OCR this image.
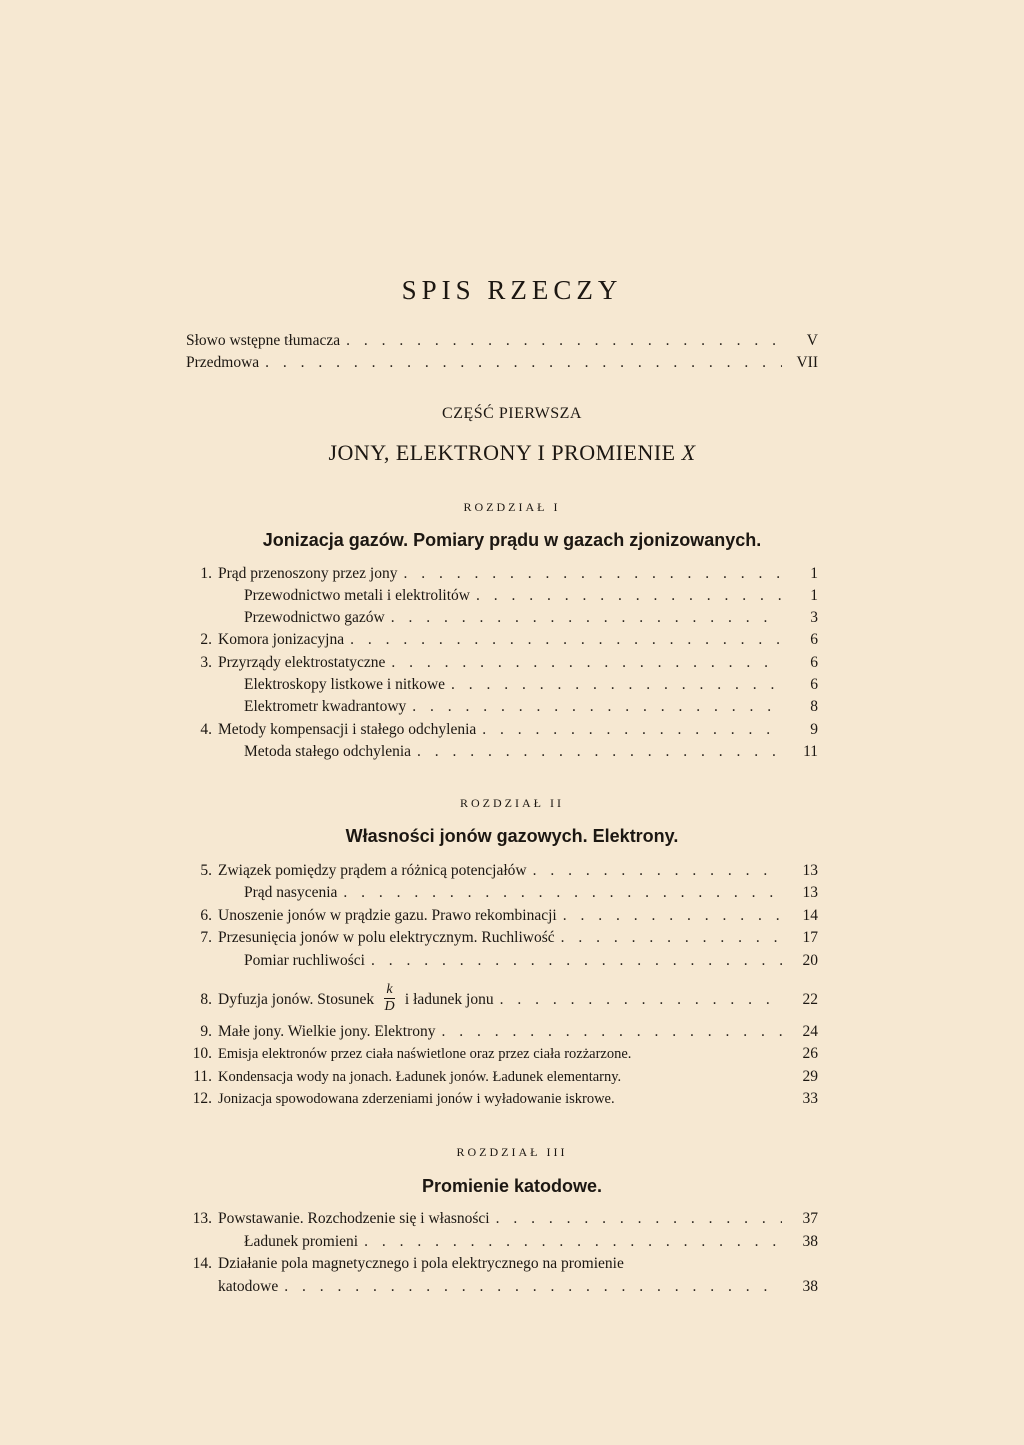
SPIS RZECZY
Słowo wstępne tłumacza . . .	V
Przedmowa . . .	VII
CZĘŚĆ PIERWSZA
JONY, ELEKTRONY I PROMIENIE X
ROZDZIAŁ I
Jonizacja gazów. Pomiary prądu w gazach zjonizowanych.
1. Prąd przenoszony przez jony . . .	1
Przewodnictwo metali i elektrolitów . . .	1
Przewodnictwo gazów . . .	3
2. Komora jonizacyjna . . .	6
3. Przyrządy elektrostatyczne . . .	6
Elektroskopy listkowe i nitkowe . . .	6
Elektrometr kwadrantowy . . .	8
4. Metody kompensacji i stałego odchylenia . . .	9
Metoda stałego odchylenia . . .	11
ROZDZIAŁ II
Własności jonów gazowych. Elektrony.
5. Związek pomiędzy prądem a różnicą potencjałów . . .	13
Prąd nasycenia . . .	13
6. Unoszenie jonów w prądzie gazu. Prawo rekombinacji . . .	14
7. Przesunięcia jonów w polu elektrycznym. Ruchliwość . . .	17
Pomiar ruchliwości . . .	20
8. Dyfuzja jonów. Stosunek $\frac{k}{D}$ i ładunek jonu . . .	22
9. Małe jony. Wielkie jony. Elektrony . . .	24
10. Emisja elektronów przez ciała naświetlone oraz przez ciała rozżarzone.	26
11. Kondensacja wody na jonach. Ładunek jonów. Ładunek elementarny.	29
12. Jonizacja spowodowana zderzeniami jonów i wyładowanie iskrowe.	33
ROZDZIAŁ III
Promienie katodowe.
13. Powstawanie. Rozchodzenie się i własności . . .	37
Ładunek promieni . . .	38
14. Działanie pola magnetycznego i pola elektrycznego na promienie
katodowe . . .	38
